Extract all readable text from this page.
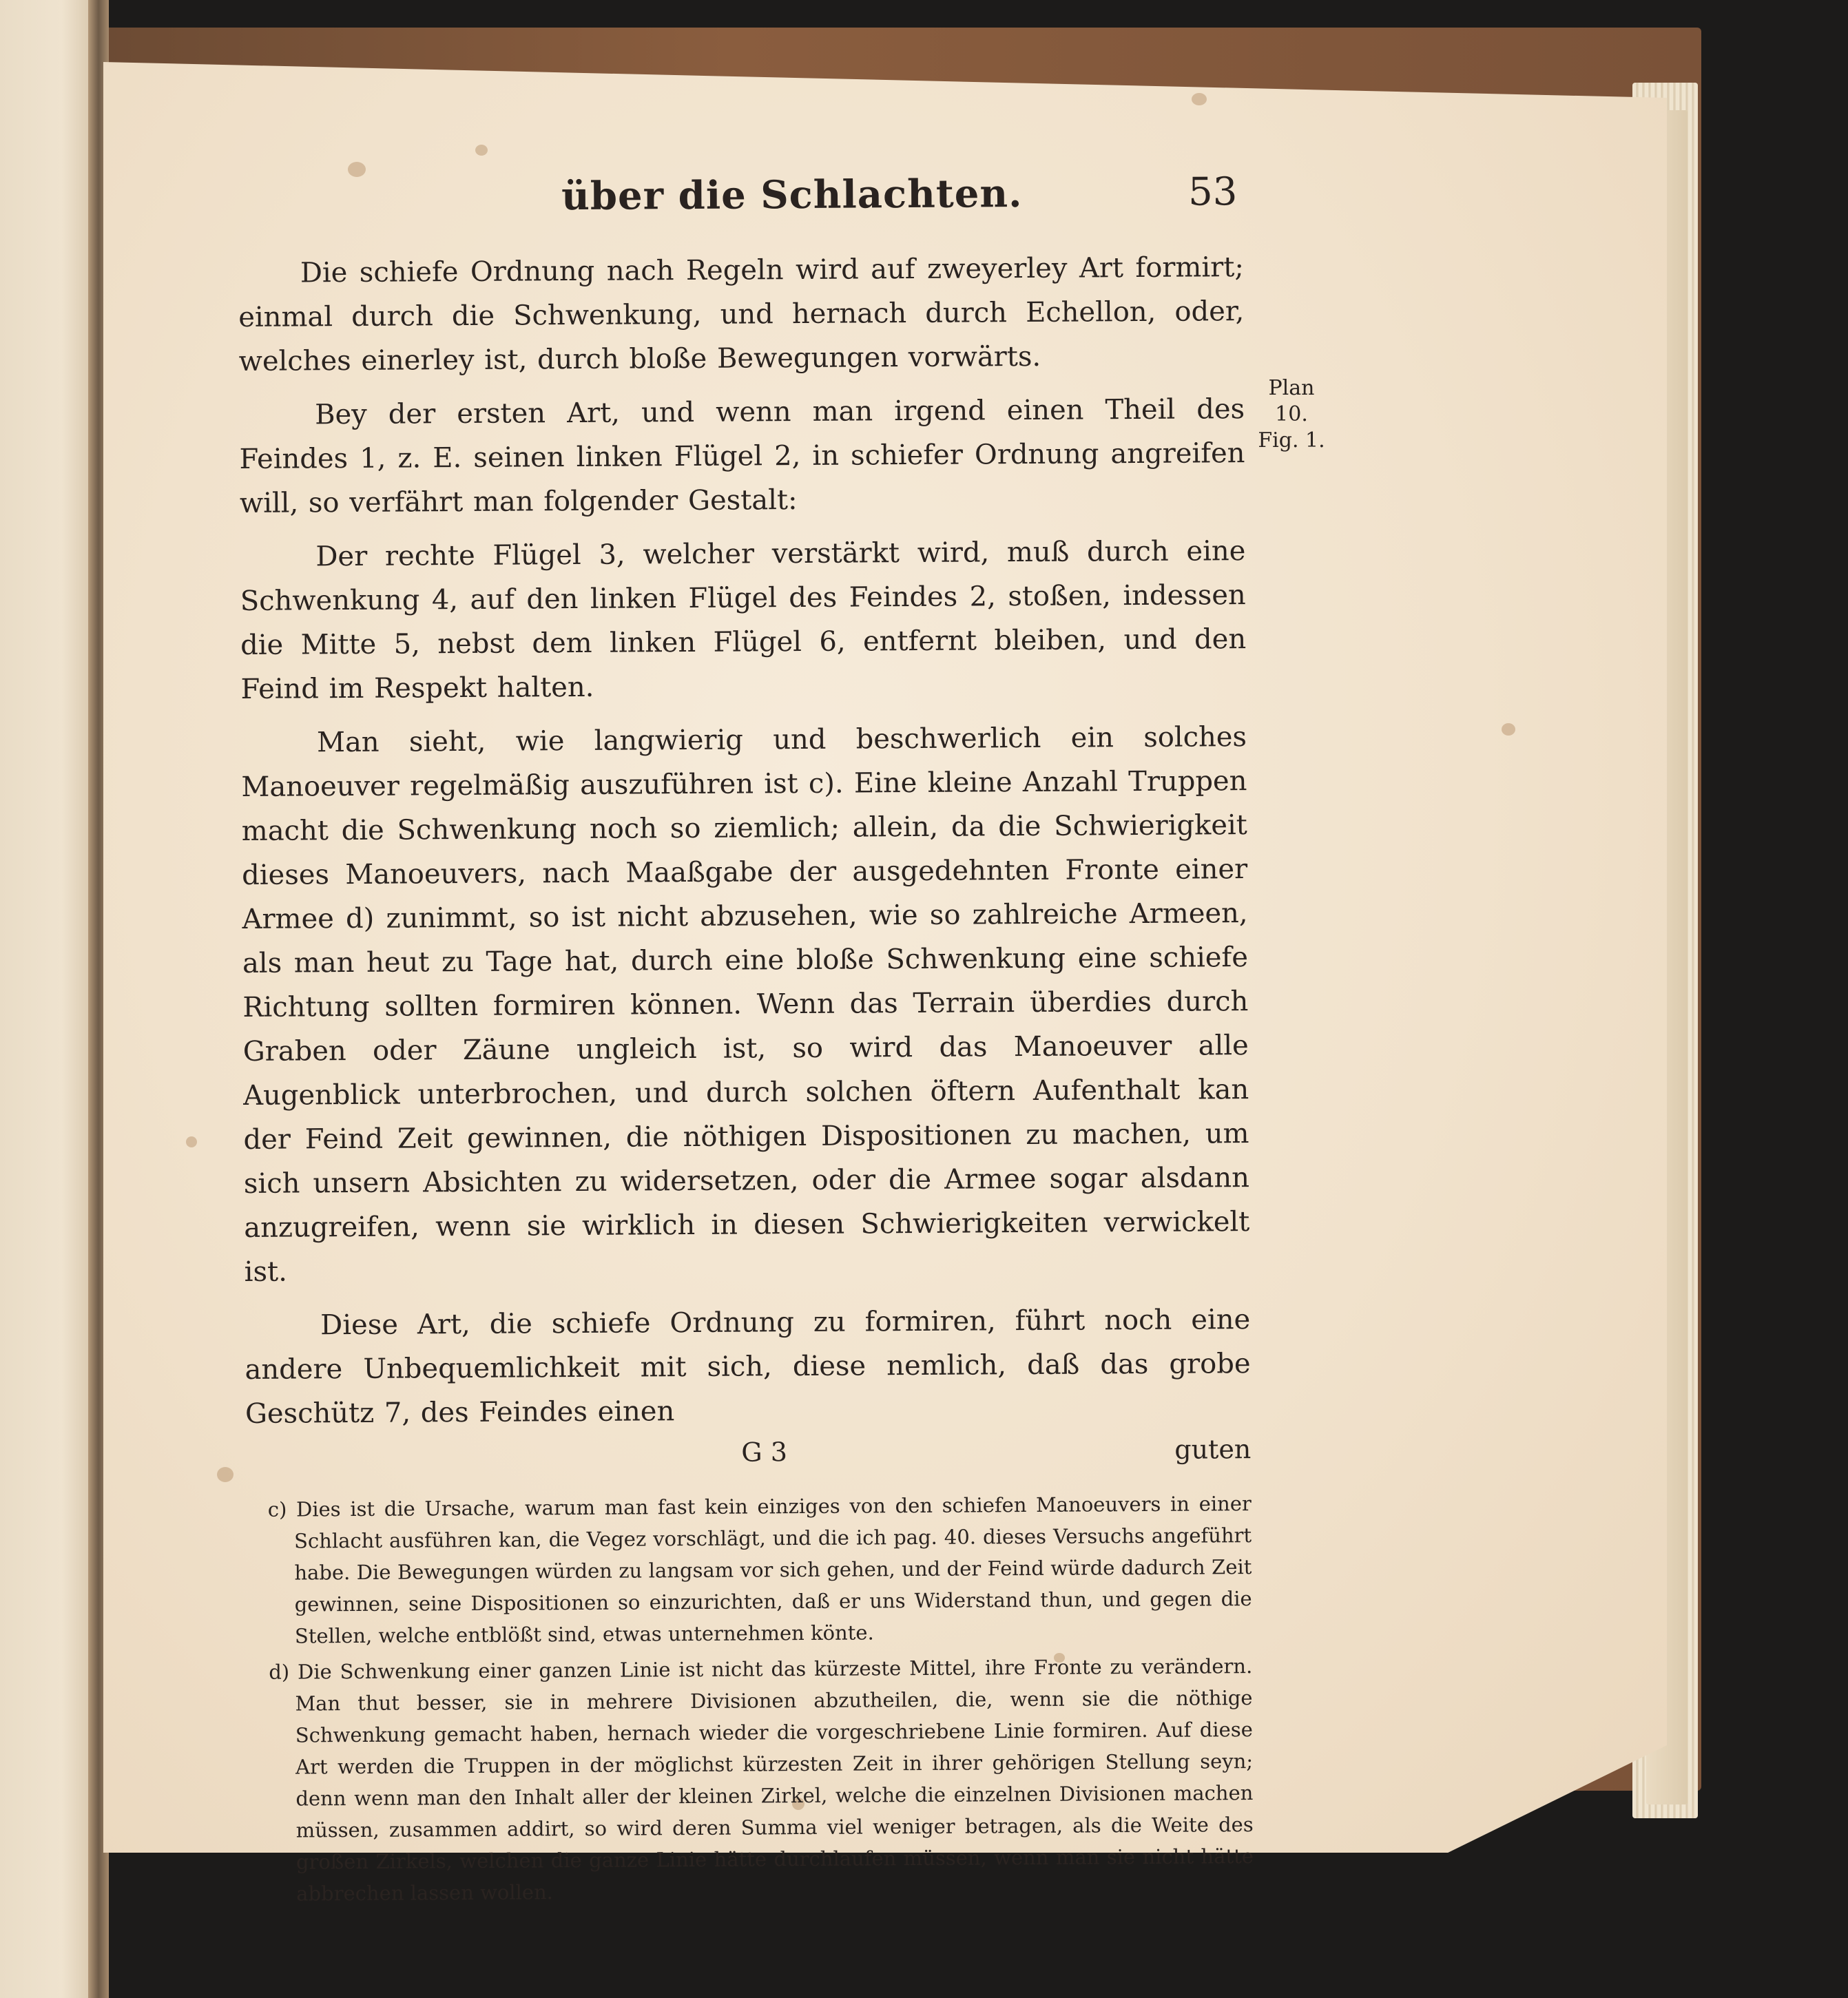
über die Schlachten.	53

Die schiefe Ordnung nach Regeln wird auf zweyerley Art formirt; einmal durch die Schwenkung, und hernach durch Echellon, oder, welches einerley ist, durch bloße Bewegungen vorwärts.

Bey der ersten Art, und wenn man irgend einen Theil des Feindes 1, z. E. seinen linken Flügel 2, in schiefer Ordnung angreifen will, so verfährt man folgender Gestalt:

Der rechte Flügel 3, welcher verstärkt wird, muß durch eine Schwenkung 4, auf den linken Flügel des Feindes 2, stoßen, indessen die Mitte 5, nebst dem linken Flügel 6, entfernt bleiben, und den Feind im Respekt halten.

Man sieht, wie langwierig und beschwerlich ein solches Manoeuver regelmäßig auszuführen ist c). Eine kleine Anzahl Truppen macht die Schwenkung noch so ziemlich; allein, da die Schwierigkeit dieses Manoeuvers, nach Maaßgabe der ausgedehnten Fronte einer Armee d) zunimmt, so ist nicht abzusehen, wie so zahlreiche Armeen, als man heut zu Tage hat, durch eine bloße Schwenkung eine schiefe Richtung sollten formiren können. Wenn das Terrain überdies durch Graben oder Zäune ungleich ist, so wird das Manoeuver alle Augenblick unterbrochen, und durch solchen öftern Aufenthalt kan der Feind Zeit gewinnen, die nöthigen Dispositionen zu machen, um sich unsern Absichten zu widersetzen, oder die Armee sogar alsdann anzugreifen, wenn sie wirklich in diesen Schwierigkeiten verwickelt ist.

Diese Art, die schiefe Ordnung zu formiren, führt noch eine andere Unbequemlichkeit mit sich, diese nemlich, daß das grobe Geschütz 7, des Feindes einen

G 3	guten

c) Dies ist die Ursache, warum man fast kein einziges von den schiefen Manoeuvers in einer Schlacht ausführen kan, die Vegez vorschlägt, und die ich pag. 40. dieses Versuchs angeführt habe. Die Bewegungen würden zu langsam vor sich gehen, und der Feind würde dadurch Zeit gewinnen, seine Dispositionen so einzurichten, daß er uns Widerstand thun, und gegen die Stellen, welche entblößt sind, etwas unternehmen könte.

d) Die Schwenkung einer ganzen Linie ist nicht das kürzeste Mittel, ihre Fronte zu verändern. Man thut besser, sie in mehrere Divisionen abzutheilen, die, wenn sie die nöthige Schwenkung gemacht haben, hernach wieder die vorgeschriebene Linie formiren. Auf diese Art werden die Truppen in der möglichst kürzesten Zeit in ihrer gehörigen Stellung seyn; denn wenn man den Inhalt aller der kleinen Zirkel, welche die einzelnen Divisionen machen müssen, zusammen addirt, so wird deren Summa viel weniger betragen, als die Weite des großen Zirkels, welchen die ganze Linie hätte durchlaufen müssen, wenn man sie nicht hätte abbrechen lassen wollen.

Plan 10.
Fig. 1.
